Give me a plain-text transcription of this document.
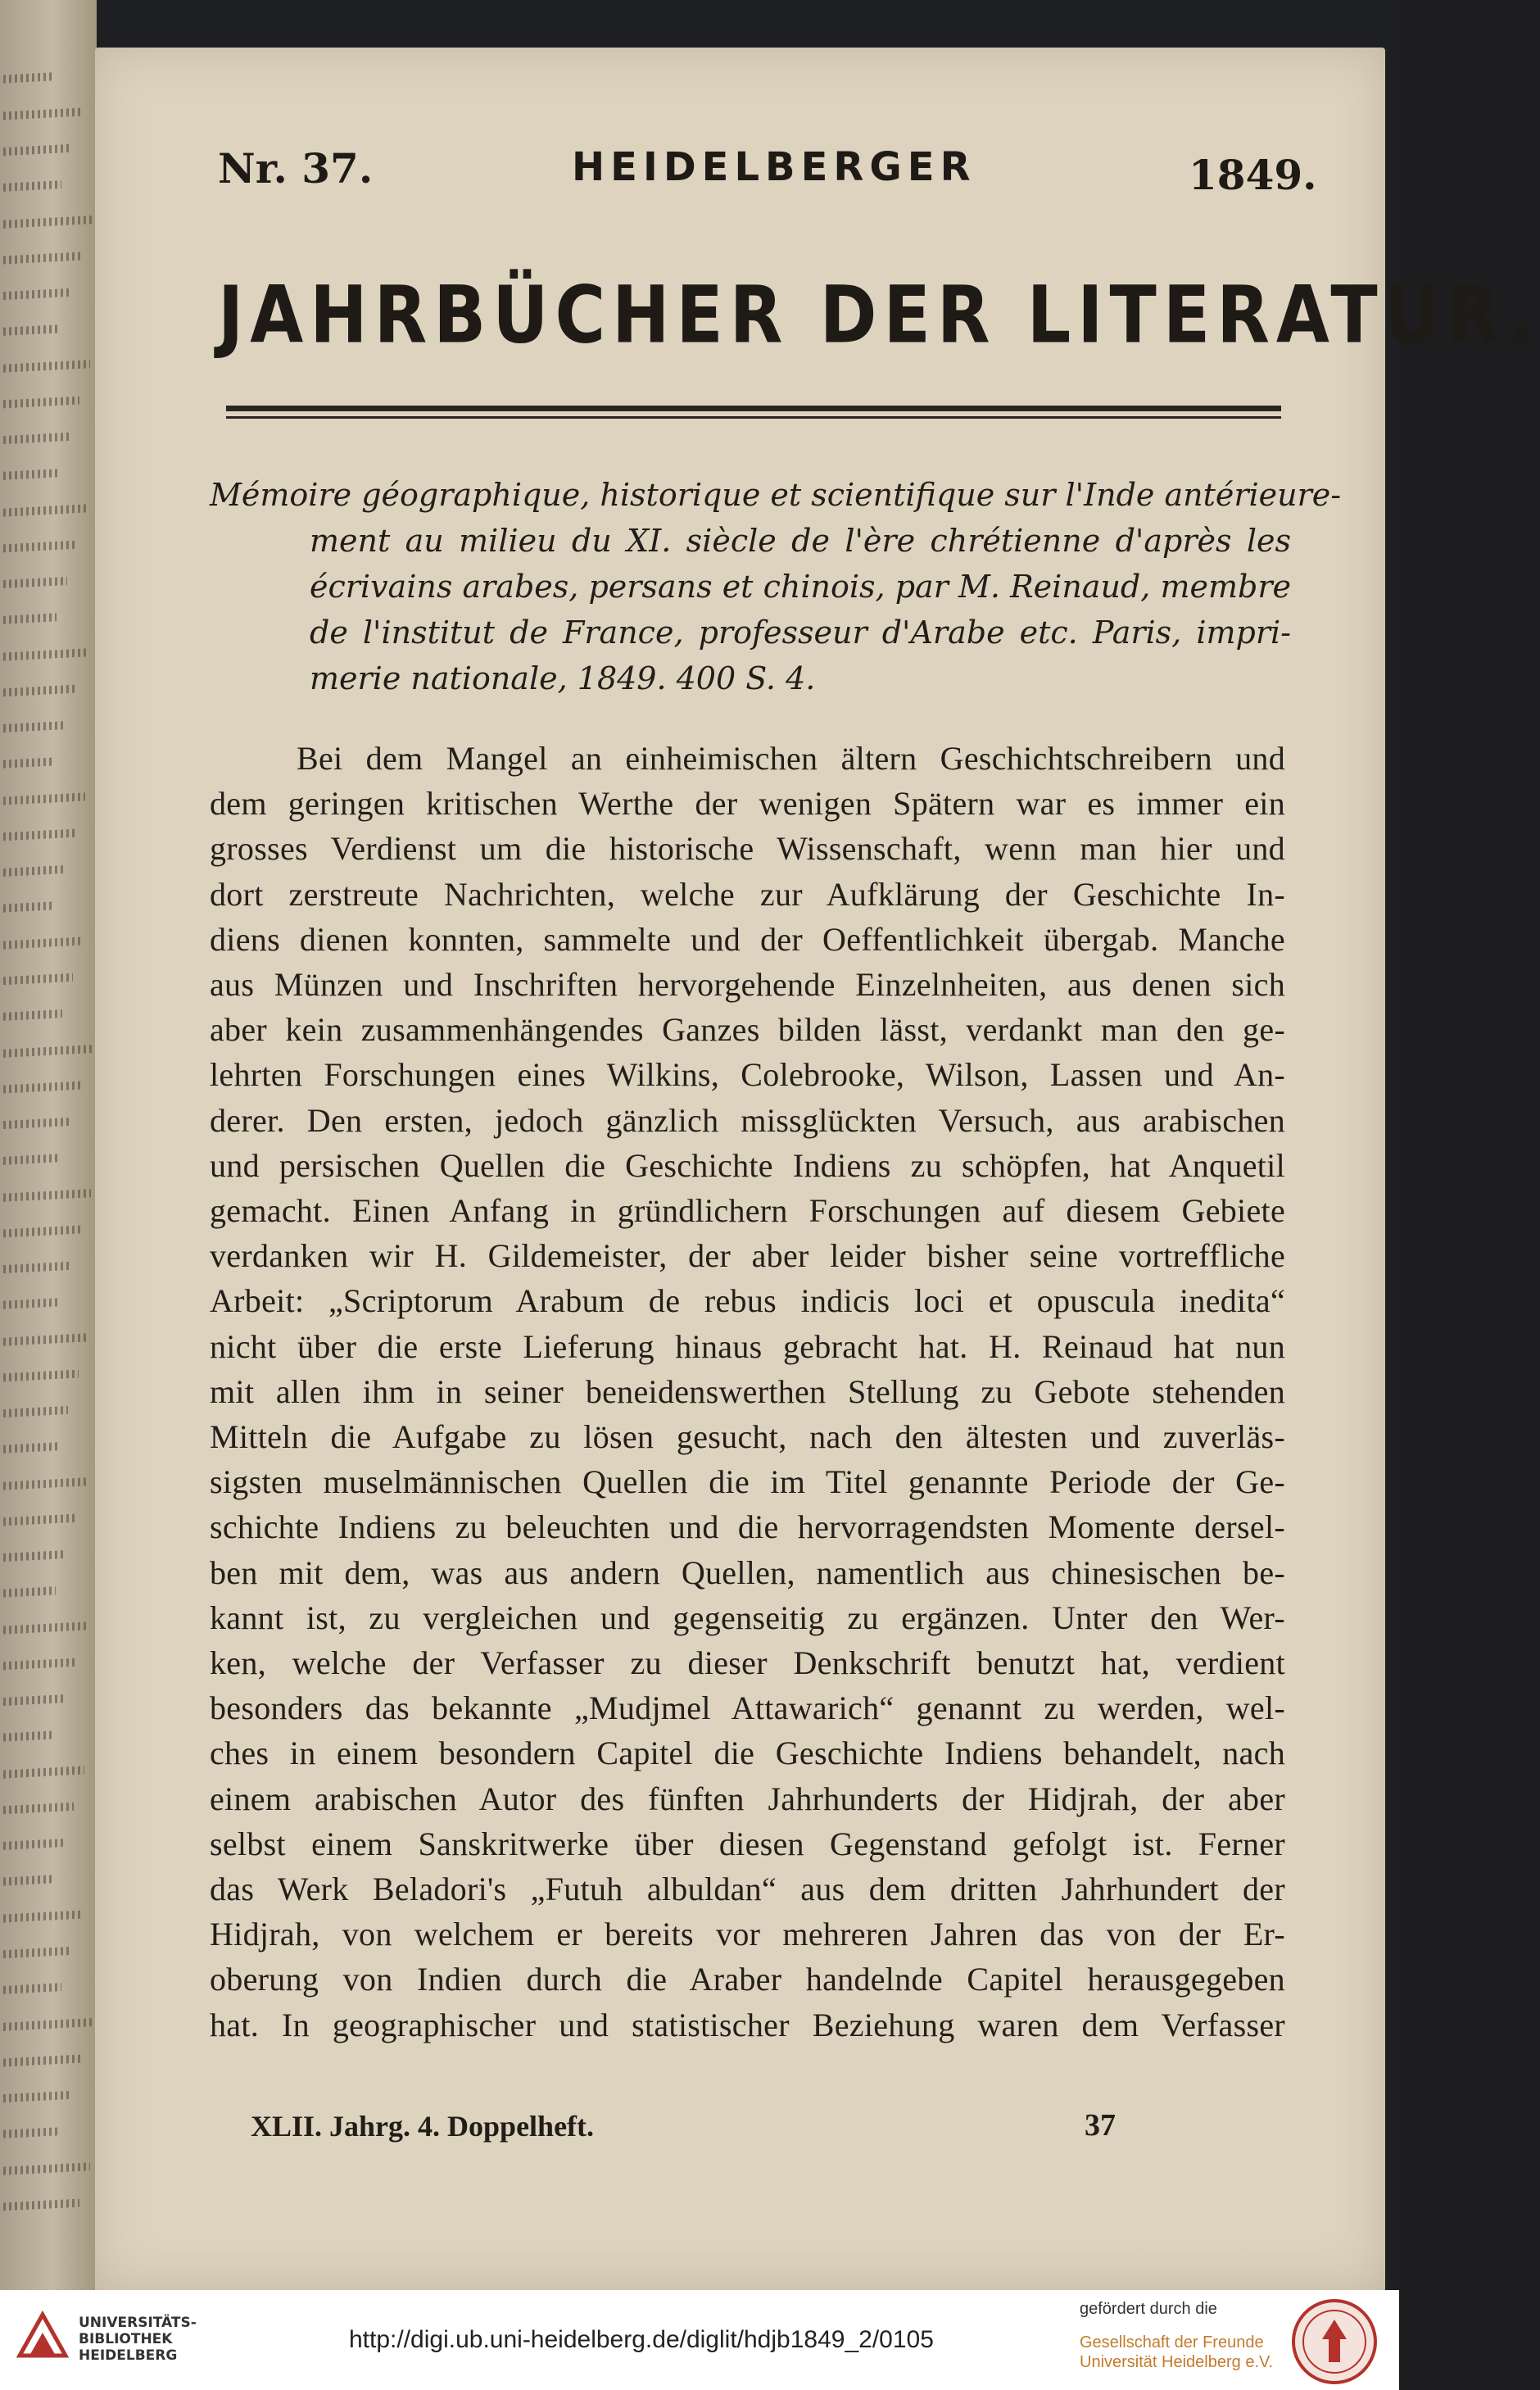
Nr. 37.	HEIDELBERGER	1849.
JAHRBÜCHER DER LITERATUR.
Mémoire géographique, historique et scientifique sur l'Inde antérieure-
ment au milieu du XI. siècle de l'ère chrétienne d'après les
écrivains arabes, persans et chinois, par M. Reinaud, membre
de l'institut de France, professeur d'Arabe etc. Paris, impri-
merie nationale, 1849. 400 S. 4.
Bei dem Mangel an einheimischen ältern Geschichtschreibern und
dem geringen kritischen Werthe der wenigen Spätern war es immer ein
grosses Verdienst um die historische Wissenschaft, wenn man hier und
dort zerstreute Nachrichten, welche zur Aufklärung der Geschichte In-
diens dienen konnten, sammelte und der Oeffentlichkeit übergab. Manche
aus Münzen und Inschriften hervorgehende Einzelnheiten, aus denen sich
aber kein zusammenhängendes Ganzes bilden lässt, verdankt man den ge-
lehrten Forschungen eines Wilkins, Colebrooke, Wilson, Lassen und An-
derer. Den ersten, jedoch gänzlich missglückten Versuch, aus arabischen
und persischen Quellen die Geschichte Indiens zu schöpfen, hat Anquetil
gemacht. Einen Anfang in gründlichern Forschungen auf diesem Gebiete
verdanken wir H. Gildemeister, der aber leider bisher seine vortreffliche
Arbeit: „Scriptorum Arabum de rebus indicis loci et opuscula inedita“
nicht über die erste Lieferung hinaus gebracht hat. H. Reinaud hat nun
mit allen ihm in seiner beneidenswerthen Stellung zu Gebote stehenden
Mitteln die Aufgabe zu lösen gesucht, nach den ältesten und zuverläs-
sigsten muselmännischen Quellen die im Titel genannte Periode der Ge-
schichte Indiens zu beleuchten und die hervorragendsten Momente dersel-
ben mit dem, was aus andern Quellen, namentlich aus chinesischen be-
kannt ist, zu vergleichen und gegenseitig zu ergänzen. Unter den Wer-
ken, welche der Verfasser zu dieser Denkschrift benutzt hat, verdient
besonders das bekannte „Mudjmel Attawarich“ genannt zu werden, wel-
ches in einem besondern Capitel die Geschichte Indiens behandelt, nach
einem arabischen Autor des fünften Jahrhunderts der Hidjrah, der aber
selbst einem Sanskritwerke über diesen Gegenstand gefolgt ist. Ferner
das Werk Beladori's „Futuh albuldan“ aus dem dritten Jahrhundert der
Hidjrah, von welchem er bereits vor mehreren Jahren das von der Er-
oberung von Indien durch die Araber handelnde Capitel herausgegeben
hat. In geographischer und statistischer Beziehung waren dem Verfasser
XLII. Jahrg. 4. Doppelheft.	37
UNIVERSITÄTS-
BIBLIOTHEK
HEIDELBERG
http://digi.ub.uni-heidelberg.de/diglit/hdjb1849_2/0105
gefördert durch die
Gesellschaft der Freunde
Universität Heidelberg e.V.
